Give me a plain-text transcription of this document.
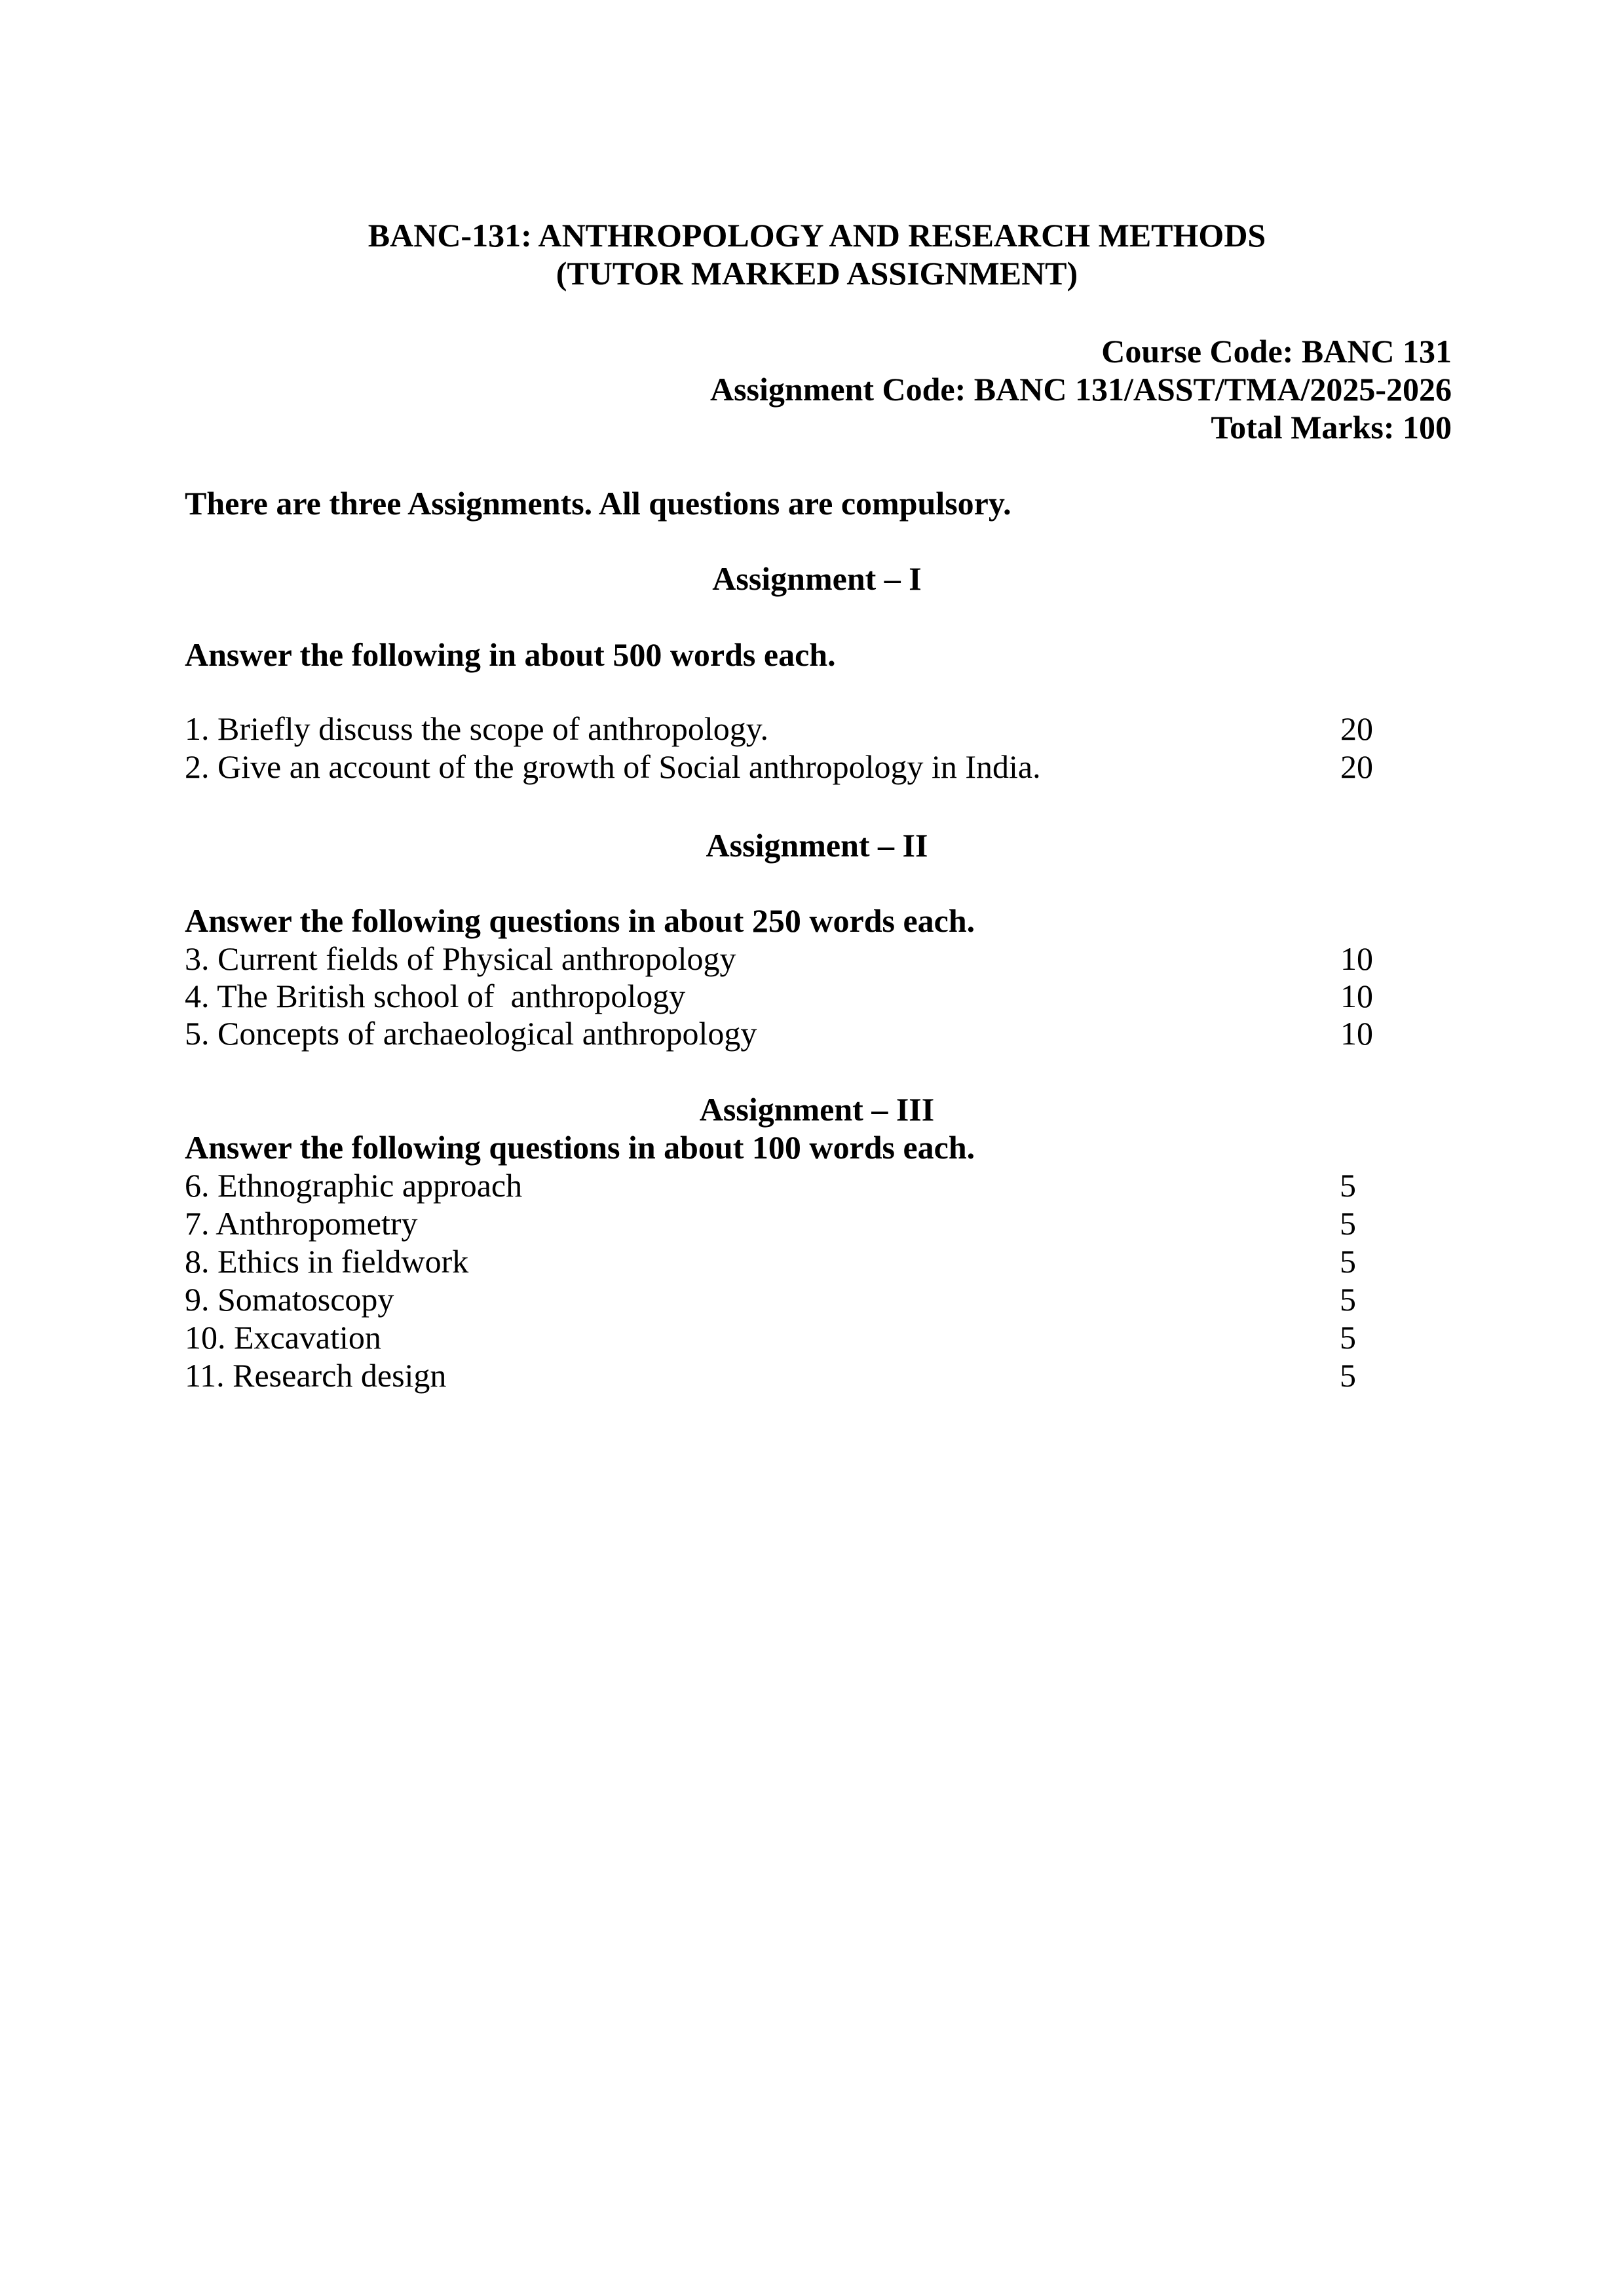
BANC-131: ANTHROPOLOGY AND RESEARCH METHODS
(TUTOR MARKED ASSIGNMENT)
Course Code: BANC 131
Assignment Code: BANC 131/ASST/TMA/2025-2026
Total Marks: 100
There are three Assignments. All questions are compulsory.
Assignment – I
Answer the following in about 500 words each.
1. Briefly discuss the scope of anthropology.	20
2. Give an account of the growth of Social anthropology in India.	20
Assignment – II
Answer the following questions in about 250 words each.
3. Current fields of Physical anthropology	10
4. The British school of  anthropology	10
5. Concepts of archaeological anthropology	10
Assignment – III
Answer the following questions in about 100 words each.
6. Ethnographic approach	5
7. Anthropometry	5
8. Ethics in fieldwork	5
9. Somatoscopy	5
10. Excavation	5
11. Research design	5
